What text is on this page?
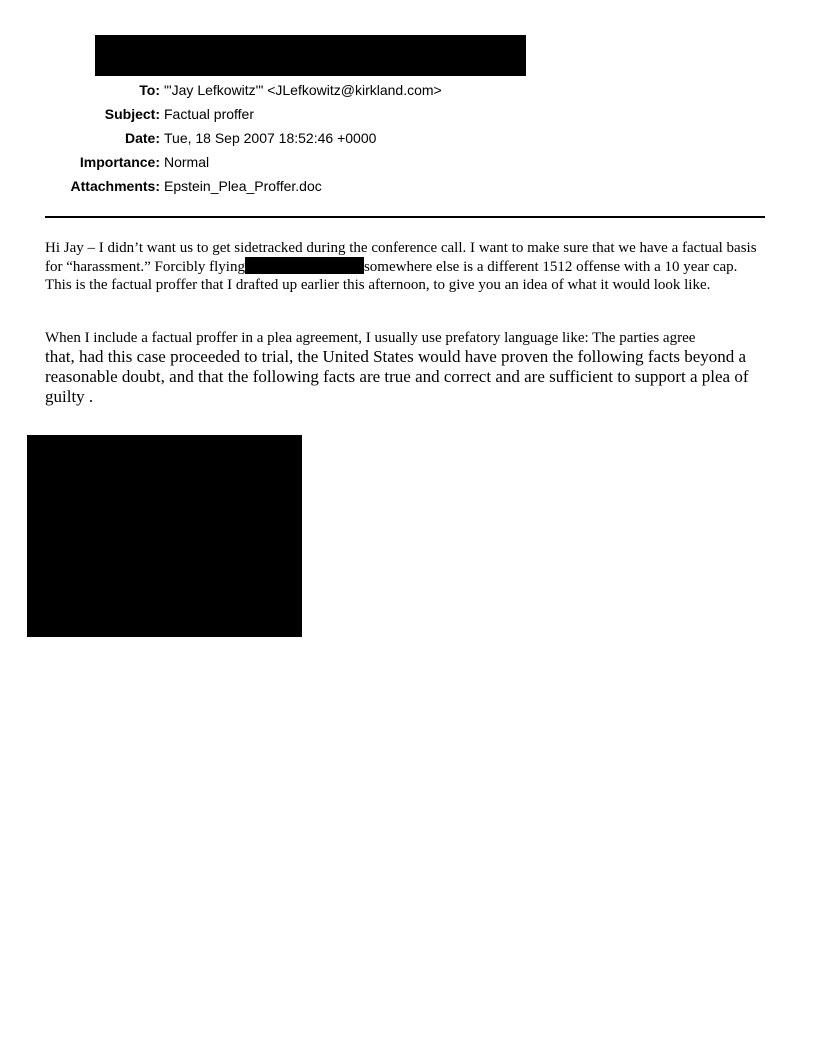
To: "'Jay Lefkowitz'" <JLefkowitz@kirkland.com>
Subject: Factual proffer
Date: Tue, 18 Sep 2007 18:52:46 +0000
Importance: Normal
Attachments: Epstein_Plea_Proffer.doc
Hi Jay – I didn’t want us to get sidetracked during the conference call. I want to make sure that we have a factual basis for “harassment.” Forcibly flying	somewhere else is a different 1512 offense with a 10 year cap. This is the factual proffer that I drafted up earlier this afternoon, to give you an idea of what it would look like.
When I include a factual proffer in a plea agreement, I usually use prefatory language like: The parties agree
that, had this case proceeded to trial, the United States would have proven the following facts beyond a reasonable doubt, and that the following facts are true and correct and are sufficient to support a plea of guilty .
